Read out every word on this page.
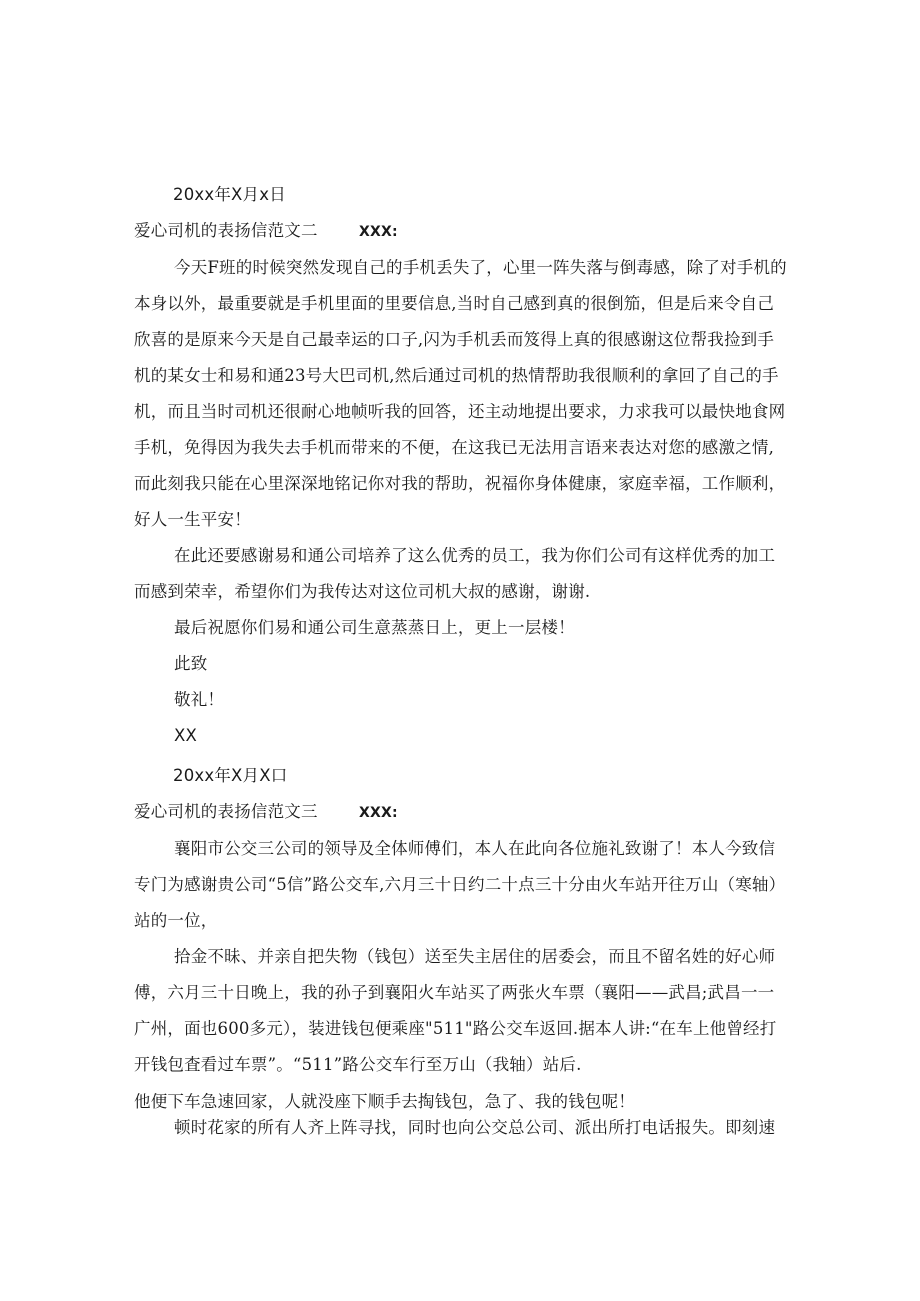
20xx年X月x日
爱心司机的表扬信范文二	XXX:
今天F班的时候突然发现自己的手机丢失了，心里一阵失落与倒毒感，除了对手机的
本身以外，最重要就是手机里面的里要信息,当时自己感到真的很倒笳，但是后来令自己
欣喜的是原来今天是自己最幸运的口子,闪为手机丢而笈得上真的很感谢这位帮我捡到手
机的某女士和易和通23号大巴司机,然后通过司机的热情帮助我很顺利的拿回了自己的手
机，而且当时司机还很耐心地帧听我的回答，还主动地提出要求，力求我可以最快地食网
手机，免得因为我失去手机而带来的不便，在这我已无法用言语来表达对您的感激之情,
而此刻我只能在心里深深地铭记你对我的帮助，祝福你身体健康，家庭幸福，工作顺利，
好人一生平安！
在此还要感谢易和通公司培养了这么优秀的员工，我为你们公司有这样优秀的加工
而感到荣幸，希望你们为我传达对这位司机大叔的感谢，谢谢.
最后祝愿你们易和通公司生意蒸蒸日上，更上一层楼！
此致
敬礼！
XX
20xx年X月X口
爱心司机的表扬信范文三	XXX:
襄阳市公交三公司的领导及全体师傅们，本人在此向各位施礼致谢了！本人今致信
专门为感谢贵公司“5信”路公交车,六月三十日约二十点三十分由火车站开往万山（寒轴）
站的一位，
拾金不昧、并亲自把失物（钱包）送至失主居住的居委会，而且不留名姓的好心师
傅，六月三十日晚上，我的孙子到襄阳火车站买了两张火车票（襄阳——武昌;武昌一一
广州，面也600多元），装进钱包便乘座"511"路公交车返回.据本人讲:“在车上他曾经打
开钱包査看过车票”。“511”路公交车行至万山（我轴）站后.
他便下车急速回家，人就没座下顺手去掏钱包，急了、我的钱包呢！
顿时花家的所有人齐上阵寻找，同时也向公交总公司、派出所打电话报失。即刻速
